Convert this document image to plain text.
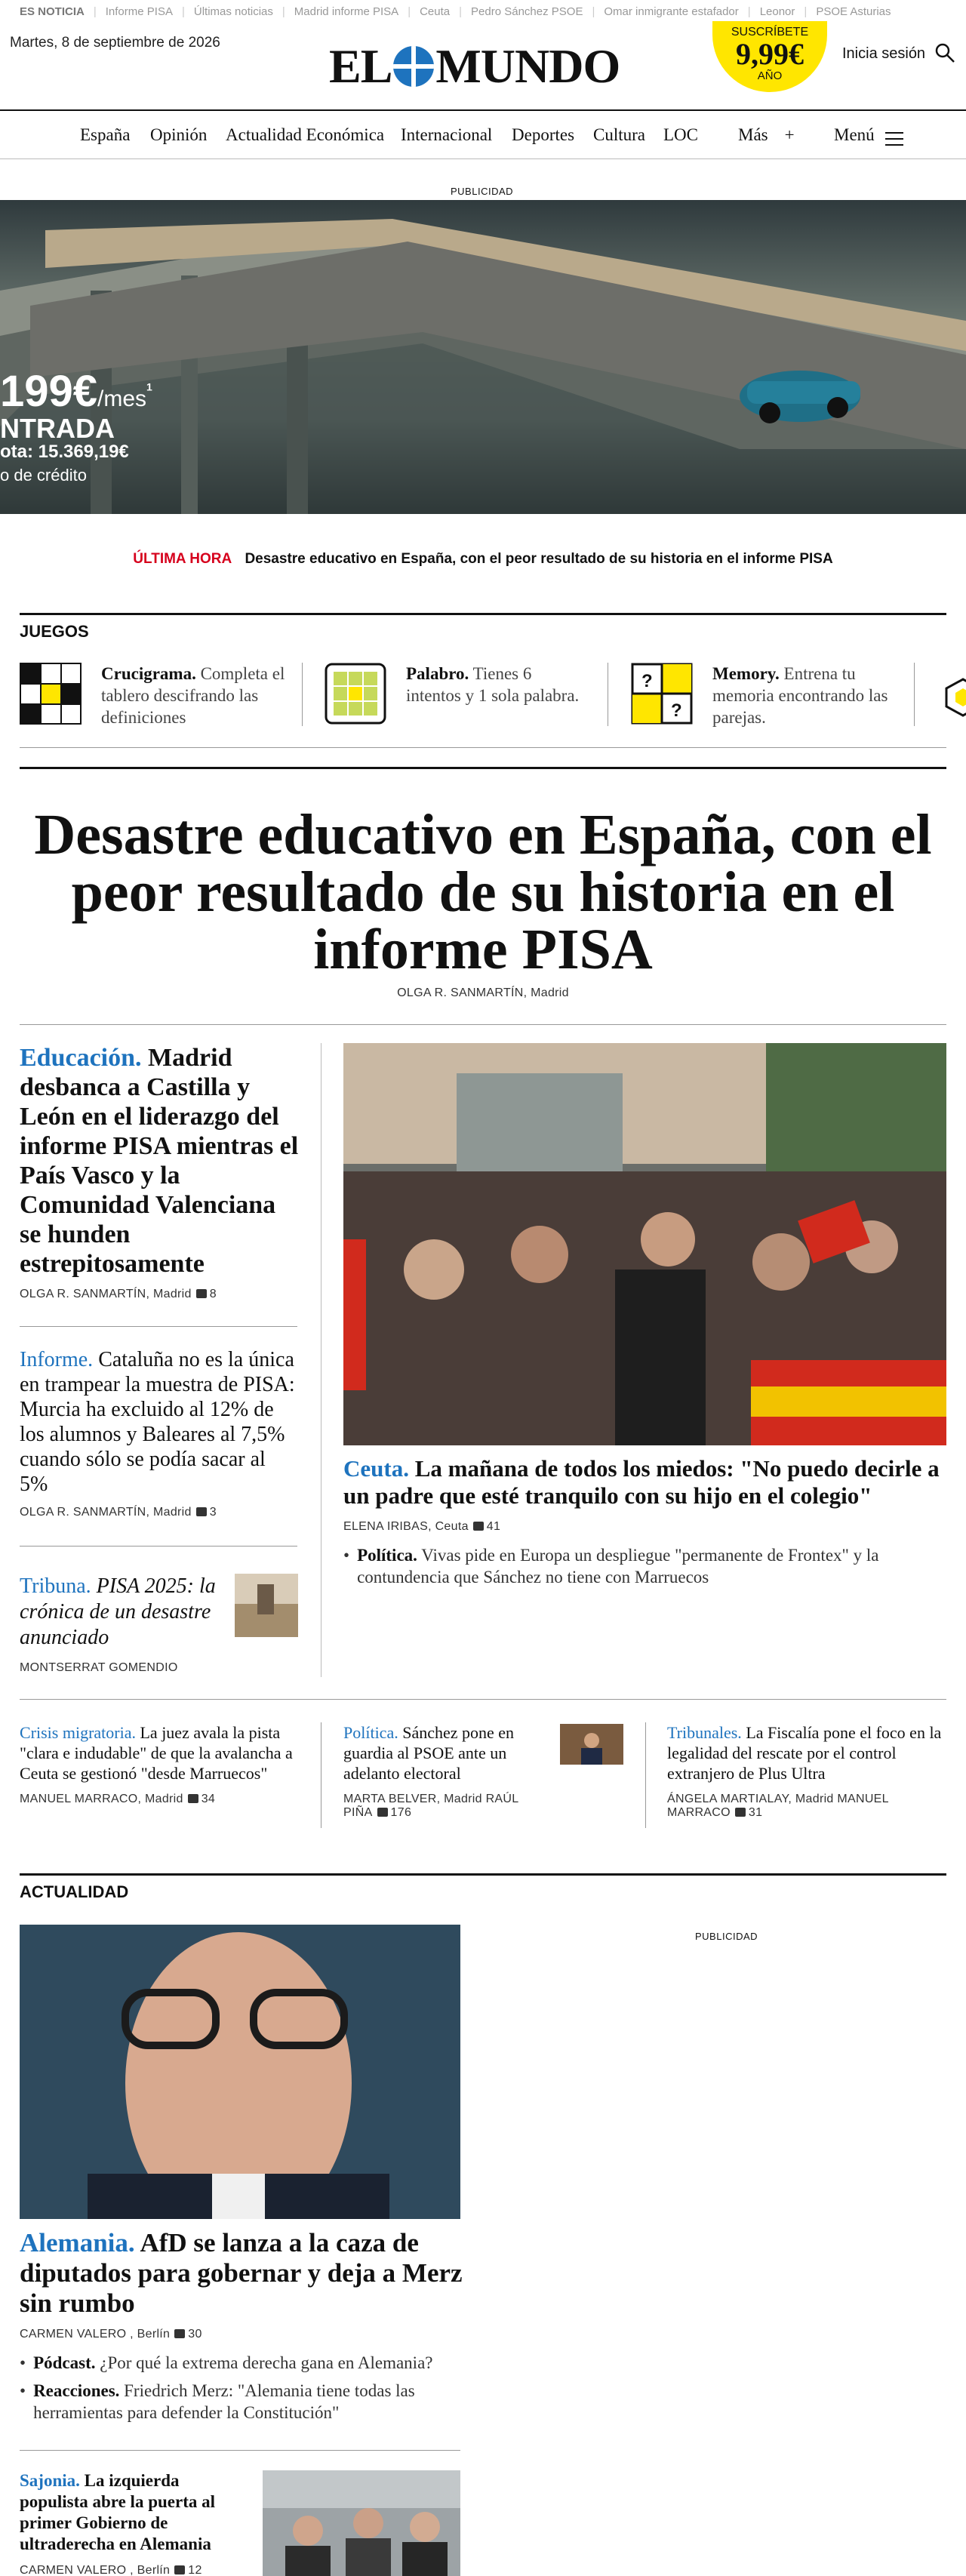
ES NOTICIA | Informe PISA | Últimas noticias | Madrid informe PISA | Ceuta | Pedro Sánchez PSOE | Omar inmigrante estafador | Leonor | PSOE Asturias
Martes, 8 de septiembre de 2026 EL MUNDO
SUSCRÍBETE
9,99€
AÑO
Inicia sesión
España Opinión Actualidad Económica Internacional Deportes Cultura LOC Más + Menú
PUBLICIDAD
199€/mes$^1$
NTRADA
ota: 15.369,19€
o de crédito
ÚLTIMA HORA Desastre educativo en España, con el peor resultado de su historia en el informe PISA
JUEGOS
Crucigrama. Completa el tablero descifrando las definiciones
Palabro. Tienes 6 intentos y 1 sola palabra.
?
?
Memory. Entrena tu memoria encontrando las parejas.
Desastre educativo en España, con el peor resultado de su historia en el informe PISA
OLGA R. SANMARTÍN, Madrid
Educación. Madrid desbanca a Castilla y León en el liderazgo del informe PISA mientras el País Vasco y la Comunidad Valenciana se hunden estrepitosamente
OLGA R. SANMARTÍN, Madrid 8
Informe. Cataluña no es la única en trampear la muestra de PISA: Murcia ha excluido al 12% de los alumnos y Baleares al 7,5% cuando sólo se podía sacar al 5%
OLGA R. SANMARTÍN, Madrid 3
Tribuna. PISA 2025: la crónica de un desastre anunciado
MONTSERRAT GOMENDIO
Ceuta. La mañana de todos los miedos: "No puedo decirle a un padre que esté tranquilo con su hijo en el colegio"
ELENA IRIBAS, Ceuta 41
• Política. Vivas pide en Europa un despliegue "permanente de Frontex" y la contundencia que Sánchez no tiene con Marruecos
Crisis migratoria. La juez avala la pista "clara e indudable" de que la avalancha a Ceuta se gestionó "desde Marruecos"
MANUEL MARRACO, Madrid 34
Política. Sánchez pone en guardia al PSOE ante un adelanto electoral
MARTA BELVER, Madrid RAÚL PIÑA 176
Tribunales. La Fiscalía pone el foco en la legalidad del rescate por el control extranjero de Plus Ultra
ÁNGELA MARTIALAY, Madrid MANUEL MARRACO 31
ACTUALIDAD
PUBLICIDAD
Alemania. AfD se lanza a la caza de diputados para gobernar y deja a Merz sin rumbo
CARMEN VALERO , Berlín 30
• Pódcast. ¿Por qué la extrema derecha gana en Alemania?
• Reacciones. Friedrich Merz: "Alemania tiene todas las herramientas para defender la Constitución"
Sajonia. La izquierda populista abre la puerta al primer Gobierno de ultraderecha en Alemania
CARMEN VALERO , Berlín 12
